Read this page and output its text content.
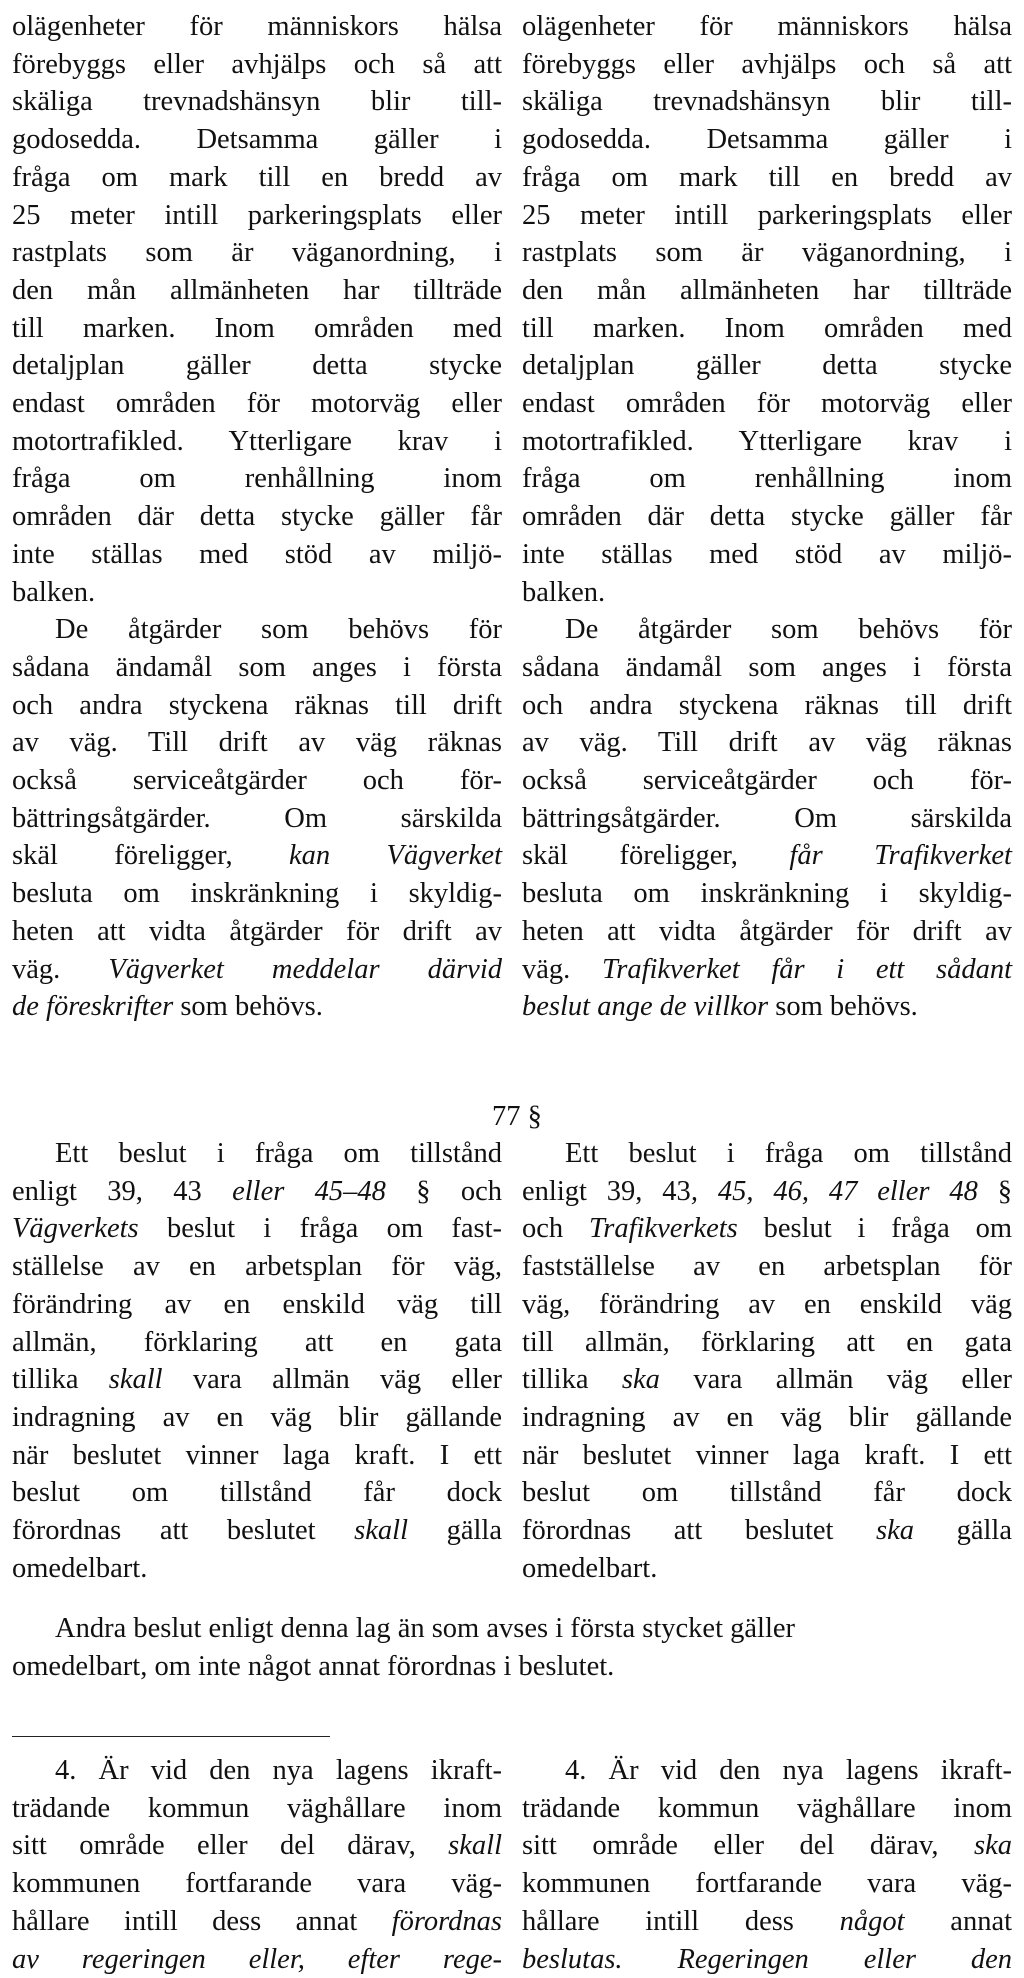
olägenheter för människors hälsa
förebyggs eller avhjälps och så att
skäliga trevnadshänsyn blir till-
godosedda. Detsamma gäller i
fråga om mark till en bredd av
25 meter intill parkeringsplats eller
rastplats som är väganordning, i
den mån allmänheten har tillträde
till marken. Inom områden med
detaljplan gäller detta stycke
endast områden för motorväg eller
motortrafikled. Ytterligare krav i
fråga om renhållning inom
områden där detta stycke gäller får
inte ställas med stöd av miljö-
balken.
De åtgärder som behövs för
sådana ändamål som anges i första
och andra styckena räknas till drift
av väg. Till drift av väg räknas
också serviceåtgärder och för-
bättringsåtgärder. Om särskilda
skäl föreligger, kan Vägverket
besluta om inskränkning i skyldig-
heten att vidta åtgärder för drift av
väg. Vägverket meddelar därvid
de föreskrifter som behövs.
olägenheter för människors hälsa
förebyggs eller avhjälps och så att
skäliga trevnadshänsyn blir till-
godosedda. Detsamma gäller i
fråga om mark till en bredd av
25 meter intill parkeringsplats eller
rastplats som är väganordning, i
den mån allmänheten har tillträde
till marken. Inom områden med
detaljplan gäller detta stycke
endast områden för motorväg eller
motortrafikled. Ytterligare krav i
fråga om renhållning inom
områden där detta stycke gäller får
inte ställas med stöd av miljö-
balken.
De åtgärder som behövs för
sådana ändamål som anges i första
och andra styckena räknas till drift
av väg. Till drift av väg räknas
också serviceåtgärder och för-
bättringsåtgärder. Om särskilda
skäl föreligger, får Trafikverket
besluta om inskränkning i skyldig-
heten att vidta åtgärder för drift av
väg. Trafikverket får i ett sådant
beslut ange de villkor som behövs.
77 §
Ett beslut i fråga om tillstånd
enligt 39, 43 eller 45–48 § och
Vägverkets beslut i fråga om fast-
ställelse av en arbetsplan för väg,
förändring av en enskild väg till
allmän, förklaring att en gata
tillika skall vara allmän väg eller
indragning av en väg blir gällande
när beslutet vinner laga kraft. I ett
beslut om tillstånd får dock
förordnas att beslutet skall gälla
omedelbart.
Ett beslut i fråga om tillstånd
enligt 39, 43, 45, 46, 47 eller 48 §
och Trafikverkets beslut i fråga om
fastställelse av en arbetsplan för
väg, förändring av en enskild väg
till allmän, förklaring att en gata
tillika ska vara allmän väg eller
indragning av en väg blir gällande
när beslutet vinner laga kraft. I ett
beslut om tillstånd får dock
förordnas att beslutet ska gälla
omedelbart.
Andra beslut enligt denna lag än som avses i första stycket gäller
omedelbart, om inte något annat förordnas i beslutet.
4. Är vid den nya lagens ikraft-
trädande kommun väghållare inom
sitt område eller del därav, skall
kommunen fortfarande vara väg-
hållare intill dess annat förordnas
av regeringen eller, efter rege-
4. Är vid den nya lagens ikraft-
trädande kommun väghållare inom
sitt område eller del därav, ska
kommunen fortfarande vara väg-
hållare intill dess något annat
beslutas. Regeringen eller den
